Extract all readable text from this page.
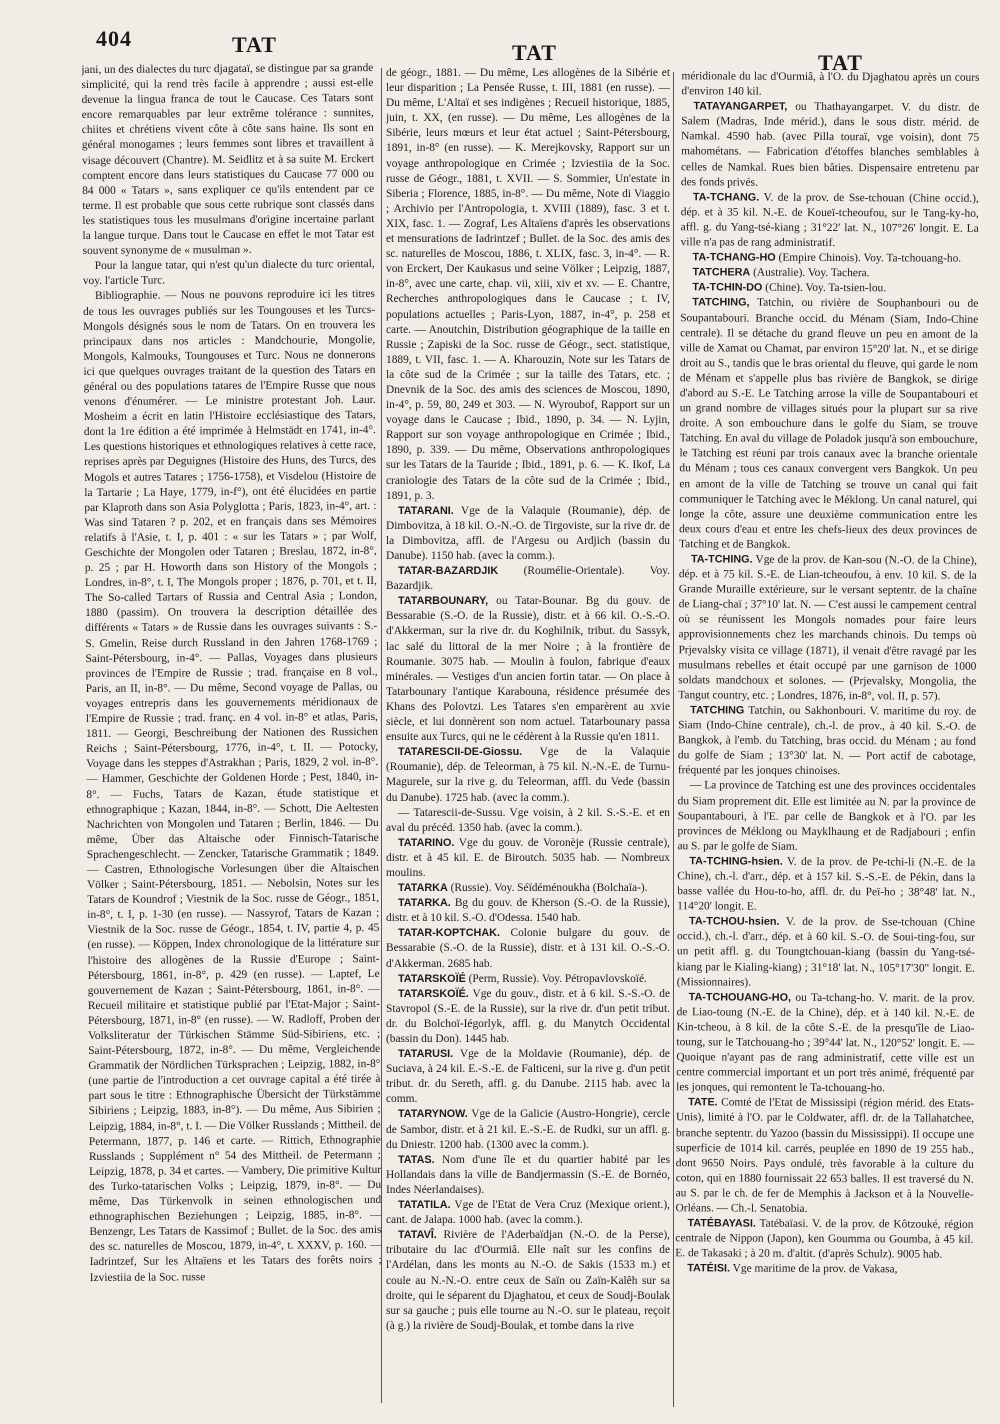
404	TAT	TAT	TAT

jani, un des dialectes du turc djagataï, se distingue par sa grande simplicité, qui la rend très facile à apprendre ; aussi est-elle devenue la lingua franca de tout le Caucase. Ces Tatars sont encore remarquables par leur extrême tolérance : sunnites, chiites et chrétiens vivent côte à côte sans haine. Ils sont en général monogames ; leurs femmes sont libres et travaillent à visage découvert (Chantre). M. Seidlitz et à sa suite M. Erckert comptent encore dans leurs statistiques du Caucase 77 000 ou 84 000 « Tatars », sans expliquer ce qu'ils entendent par ce terme. Il est probable que sous cette rubrique sont classés dans les statistiques tous les musulmans d'origine incertaine parlant la langue turque. Dans tout le Caucase en effet le mot Tatar est souvent synonyme de « musulman ».

Pour la langue tatar, qui n'est qu'un dialecte du turc oriental, voy. l'article Turc.

Bibliographie. — Nous ne pouvons reproduire ici les titres de tous les ouvrages publiés sur les Toungouses et les Turcs-Mongols désignés sous le nom de Tatars. On en trouvera les principaux dans nos articles : Mandchourie, Mongolie, Mongols, Kalmouks, Toungouses et Turc. Nous ne donnerons ici que quelques ouvrages traitant de la question des Tatars en général ou des populations tatares de l'Empire Russe que nous venons d'énumérer. — Le ministre protestant Joh. Laur. Mosheim a écrit en latin l'Histoire ecclésiastique des Tatars, dont la 1re édition a été imprimée à Helmstädt en 1741, in-4°. Les questions historiques et ethnologiques relatives à cette race, reprises après par Deguignes (Histoire des Huns, des Turcs, des Mogols et autres Tatares ; 1756-1758), et Visdelou (Histoire de la Tartarie ; La Haye, 1779, in-f°), ont été élucidées en partie par Klaproth dans son Asia Polyglotta ; Paris, 1823, in-4°, art. : Was sind Tataren ? p. 202, et en français dans ses Mémoires relatifs à l'Asie, t. I, p. 401 : « sur les Tatars » ; par Wolf, Geschichte der Mongolen oder Tataren ; Breslau, 1872, in-8°, p. 25 ; par H. Howorth dans son History of the Mongols ; Londres, in-8°, t. I, The Mongols proper ; 1876, p. 701, et t. II, The So-called Tartars of Russia and Central Asia ; London, 1880 (passim). On trouvera la description détaillée des différents « Tatars » de Russie dans les ouvrages suivants : S.-S. Gmelin, Reise durch Russland in den Jahren 1768-1769 ; Saint-Pétersbourg, in-4°. — Pallas, Voyages dans plusieurs provinces de l'Empire de Russie ; trad. française en 8 vol., Paris, an II, in-8°. — Du même, Second voyage de Pallas, ou voyages entrepris dans les gouvernements méridionaux de l'Empire de Russie ; trad. franç. en 4 vol. in-8° et atlas, Paris, 1811. — Georgi, Beschreibung der Nationen des Russichen Reichs ; Saint-Pétersbourg, 1776, in-4°, t. II. — Potocky, Voyage dans les steppes d'Astrakhan ; Paris, 1829, 2 vol. in-8°. — Hammer, Geschichte der Goldenen Horde ; Pest, 1840, in-8°. — Fuchs, Tatars de Kazan, étude statistique et ethnographique ; Kazan, 1844, in-8°. — Schott, Die Aeltesten Nachrichten von Mongolen und Tataren ; Berlin, 1846. — Du même, Über das Altaische oder Finnisch-Tatarische Sprachengeschlecht. — Zencker, Tatarische Grammatik ; 1849. — Castren, Ethnologische Vorlesungen über die Altaischen Völker ; Saint-Pétersbourg, 1851. — Nebolsin, Notes sur les Tatars de Koundrof ; Viestnik de la Soc. russe de Géogr., 1851, in-8°, t. I, p. 1-30 (en russe). — Nassyrof, Tatars de Kazan ; Viestnik de la Soc. russe de Géogr., 1854, t. IV, partie 4, p. 45 (en russe). — Köppen, Index chronologique de la littérature sur l'histoire des allogènes de la Russie d'Europe ; Saint-Pétersbourg, 1861, in-8°, p. 429 (en russe). — Laptef, Le gouvernement de Kazan ; Saint-Pétersbourg, 1861, in-8°. — Recueil militaire et statistique publié par l'Etat-Major ; Saint-Pétersbourg, 1871, in-8° (en russe). — W. Radloff, Proben der Volksliteratur der Türkischen Stämme Süd-Sibiriens, etc. ; Saint-Pétersbourg, 1872, in-8°. — Du même, Vergleichende Grammatik der Nördlichen Türksprachen ; Leipzig, 1882, in-8° (une partie de l'introduction a cet ouvrage capital a été tirée à part sous le titre : Ethnographische Übersicht der Türkstämme Sibiriens ; Leipzig, 1883, in-8°). — Du même, Aus Sibirien ; Leipzig, 1884, in-8°, t. I. — Die Völker Russlands ; Mittheil. de Petermann, 1877, p. 146 et carte. — Rittich, Ethnographie Russlands ; Supplément n° 54 des Mittheil. de Petermann ; Leipzig, 1878, p. 34 et cartes. — Vambery, Die primitive Kultur des Turko-tatarischen Volks ; Leipzig, 1879, in-8°. — Du même, Das Türkenvolk in seinen ethnologischen und ethnographischen Beziehungen ; Leipzig, 1885, in-8°. — Benzengr, Les Tatars de Kassimof ; Bullet. de la Soc. des amis des sc. naturelles de Moscou, 1879, in-4°, t. XXXV, p. 160. — Iadrintzef, Sur les Altaïens et les Tatars des forêts noirs ; Izviestiia de la Soc. russe

de géogr., 1881. — Du même, Les allogènes de la Sibérie et leur disparition ; La Pensée Russe, t. III, 1881 (en russe). — Du même, L'Altaï et ses indigènes ; Recueil historique, 1885, juin, t. XX, (en russe). — Du même, Les allogènes de la Sibérie, leurs mœurs et leur état actuel ; Saint-Pétersbourg, 1891, in-8° (en russe). — K. Merejkovsky, Rapport sur un voyage anthropologique en Crimée ; Izviestiia de la Soc. russe de Géogr., 1881, t. XVII. — S. Sommier, Un'estate in Siberia ; Florence, 1885, in-8°. — Du même, Note di Viaggio ; Archivio per l'Antropologia, t. XVIII (1889), fasc. 3 et t. XIX, fasc. 1. — Zograf, Les Altaïens d'après les observations et mensurations de Iadrintzef ; Bullet. de la Soc. des amis des sc. naturelles de Moscou, 1886, t. XLIX, fasc. 3, in-4°. — R. von Erckert, Der Kaukasus und seine Völker ; Leipzig, 1887, in-8°, avec une carte, chap. vii, xiii, xiv et xv. — E. Chantre, Recherches anthropologiques dans le Caucase ; t. IV, populations actuelles ; Paris-Lyon, 1887, in-4°, p. 258 et carte. — Anoutchin, Distribution géographique de la taille en Russie ; Zapiski de la Soc. russe de Géogr., sect. statistique, 1889, t. VII, fasc. 1. — A. Kharouzin, Note sur les Tatars de la côte sud de la Crimée ; sur la taille des Tatars, etc. ; Dnevnik de la Soc. des amis des sciences de Moscou, 1890, in-4°, p. 59, 80, 249 et 303. — N. Wyroubof, Rapport sur un voyage dans le Caucase ; Ibid., 1890, p. 34. — N. Lyjin, Rapport sur son voyage anthropologique en Crimée ; Ibid., 1890, p. 339. — Du même, Observations anthropologiques sur les Tatars de la Tauride ; Ibid., 1891, p. 6. — K. Ikof, La craniologie des Tatars de la côte sud de la Crimée ; Ibid., 1891, p. 3.

TATARANI. Vge de la Valaquie (Roumanie), dép. de Dimbovitza, à 18 kil. O.-N.-O. de Tirgoviste, sur la rive dr. de la Dimbovitza, affl. de l'Argesu ou Ardjich (bassin du Danube). 1150 hab. (avec la comm.).

TATAR-BAZARDJIK (Roumélie-Orientale). Voy. Bazardjik.

TATARBOUNARY, ou Tatar-Bounar. Bg du gouv. de Bessarabie (S.-O. de la Russie), distr. et à 66 kil. O.-S.-O. d'Akkerman, sur la rive dr. du Koghilnik, tribut. du Sassyk, lac salé du littoral de la mer Noire ; à la frontière de Roumanie. 3075 hab. — Moulin à foulon, fabrique d'eaux minérales. — Vestiges d'un ancien fortin tatar. — On place à Tatarbounary l'antique Karabouna, résidence présumée des Khans des Polovtzi. Les Tatares s'en emparèrent au xvie siècle, et lui donnèrent son nom actuel. Tatarbounary passa ensuite aux Turcs, qui ne le cédèrent à la Russie qu'en 1811.

TATARESCII-DE-Giossu. Vge de la Valaquie (Roumanie), dép. de Teleorman, à 75 kil. N.-N.-E. de Turnu-Magurele, sur la rive g. du Teleorman, affl. du Vede (bassin du Danube). 1725 hab. (avec la comm.).

— Tatarescii-de-Sussu. Vge voisin, à 2 kil. S.-S.-E. et en aval du précéd. 1350 hab. (avec la comm.).

TATARINO. Vge du gouv. de Voronèje (Russie centrale), distr. et à 45 kil. E. de Biroutch. 5035 hab. — Nombreux moulins.

TATARKA (Russie). Voy. Séïdéménoukha (Bolchaïa-).

TATARKA. Bg du gouv. de Kherson (S.-O. de la Russie), distr. et à 10 kil. S.-O. d'Odessa. 1540 hab.

TATAR-KOPTCHAK. Colonie bulgare du gouv. de Bessarabie (S.-O. de la Russie), distr. et à 131 kil. O.-S.-O. d'Akkerman. 2685 hab.

TATARSKOÏÉ (Perm, Russie). Voy. Pétropavlovskoïé.

TATARSKOÏÉ. Vge du gouv., distr. et à 6 kil. S.-S.-O. de Stavropol (S.-E. de la Russie), sur la rive dr. d'un petit tribut. dr. du Bolchoï-Iégorlyk, affl. g. du Manytch Occidental (bassin du Don). 1445 hab.

TATARUSI. Vge de la Moldavie (Roumanie), dép. de Suciava, à 24 kil. E.-S.-E. de Falticeni, sur la rive g. d'un petit tribut. dr. du Sereth, affl. g. du Danube. 2115 hab. avec la comm.

TATARYNOW. Vge de la Galicie (Austro-Hongrie), cercle de Sambor, distr. et à 21 kil. E.-S.-E. de Rudki, sur un affl. g. du Dniestr. 1200 hab. (1300 avec la comm.).

TATAS. Nom d'une île et du quartier habité par les Hollandais dans la ville de Bandjermassin (S.-E. de Bornéo, Indes Néerlandaises).

TATATILA. Vge de l'Etat de Vera Cruz (Mexique orient.), cant. de Jalapa. 1000 hab. (avec la comm.).

TATAVÎ. Rivière de l'Aderbaïdjan (N.-O. de la Perse), tributaire du lac d'Ourmiâ. Elle naît sur les confins de l'Ardélan, dans les monts au N.-O. de Sakis (1533 m.) et coule au N.-N.-O. entre ceux de Saïn ou Zaïn-Kalêh sur sa droite, qui le séparent du Djaghatou, et ceux de Soudj-Boulak sur sa gauche ; puis elle tourne au N.-O. sur le plateau, reçoit (à g.) la rivière de Soudj-Boulak, et tombe dans la rive

méridionale du lac d'Ourmiâ, à l'O. du Djaghatou après un cours d'environ 140 kil.

TATAYANGARPET, ou Thathayangarpet. V. du distr. de Salem (Madras, Inde mérid.), dans le sous distr. mérid. de Namkal. 4590 hab. (avec Pilla touraï, vge voisin), dont 75 mahométans. — Fabrication d'étoffes blanches semblables à celles de Namkal. Rues bien bâties. Dispensaire entretenu par des fonds privés.

TA-TCHANG. V. de la prov. de Sse-tchouan (Chine occid.), dép. et à 35 kil. N.-E. de Koueï-tcheoufou, sur le Tang-ky-ho, affl. g. du Yang-tsé-kiang ; 31°22' lat. N., 107°26' longit. E. La ville n'a pas de rang administratif.

TA-TCHANG-HO (Empire Chinois). Voy. Ta-tchouang-ho.

TATCHERA (Australie). Voy. Tachera.

TA-TCHIN-DO (Chine). Voy. Ta-tsien-lou.

TATCHING, Tatchin, ou rivière de Souphanbouri ou de Soupantabouri. Branche occid. du Ménam (Siam, Indo-Chine centrale). Il se détache du grand fleuve un peu en amont de la ville de Xamat ou Chamat, par environ 15°20' lat. N., et se dirige droit au S., tandis que le bras oriental du fleuve, qui garde le nom de Ménam et s'appelle plus bas rivière de Bangkok, se dirige d'abord au S.-E. Le Tatching arrose la ville de Soupantabouri et un grand nombre de villages situés pour la plupart sur sa rive droite. A son embouchure dans le golfe du Siam, se trouve Tatching. En aval du village de Poladok jusqu'à son embouchure, le Tatching est réuni par trois canaux avec la branche orientale du Ménam ; tous ces canaux convergent vers Bangkok. Un peu en amont de la ville de Tatching se trouve un canal qui fait communiquer le Tatching avec le Méklong. Un canal naturel, qui longe la côte, assure une deuxième communication entre les deux cours d'eau et entre les chefs-lieux des deux provinces de Tatching et de Bangkok.

TA-TCHING. Vge de la prov. de Kan-sou (N.-O. de la Chine), dép. et à 75 kil. S.-E. de Lian-tcheoufou, à env. 10 kil. S. de la Grande Muraille extérieure, sur le versant septentr. de la chaîne de Liang-chaï ; 37°10' lat. N. — C'est aussi le campement central où se réunissent les Mongols nomades pour faire leurs approvisionnements chez les marchands chinois. Du temps où Prjevalsky visita ce village (1871), il venait d'être ravagé par les musulmans rebelles et était occupé par une garnison de 1000 soldats mandchoux et solones. — (Prjevalsky, Mongolia, the Tangut country, etc. ; Londres, 1876, in-8°, vol. II, p. 57).

TATCHING Tatchin, ou Sakhonbouri. V. maritime du roy. de Siam (Indo-Chine centrale), ch.-l. de prov., à 40 kil. S.-O. de Bangkok, à l'emb. du Tatching, bras occid. du Ménam ; au fond du golfe de Siam ; 13°30' lat. N. — Port actif de cabotage, fréquenté par les jonques chinoises.

— La province de Tatching est une des provinces occidentales du Siam proprement dit. Elle est limitée au N. par la province de Soupantabouri, à l'E. par celle de Bangkok et à l'O. par les provinces de Méklong ou Mayklhaung et de Radjabouri ; enfin au S. par le golfe de Siam.

TA-TCHING-hsien. V. de la prov. de Pe-tchi-li (N.-E. de la Chine), ch.-l. d'arr., dép. et à 157 kil. S.-S.-E. de Pékin, dans la basse vallée du Hou-to-ho, affl. dr. du Peï-ho ; 38°48' lat. N., 114°20' longit. E.

TA-TCHOU-hsien. V. de la prov. de Sse-tchouan (Chine occid.), ch.-l. d'arr., dép. et à 60 kil. S.-O. de Soui-ting-fou, sur un petit affl. g. du Toungtchouan-kiang (bassin du Yang-tsé-kiang par le Kialing-kiang) ; 31°18' lat. N., 105°17'30" longit. E. (Missionnaires).

TA-TCHOUANG-HO, ou Ta-tchang-ho. V. marit. de la prov. de Liao-toung (N.-E. de la Chine), dép. et à 140 kil. N.-E. de Kin-tcheou, à 8 kil. de la côte S.-E. de la presqu'île de Liao-toung, sur le Tatchouang-ho ; 39°44' lat. N., 120°52' longit. E. — Quoique n'ayant pas de rang administratif, cette ville est un centre commercial important et un port très animé, fréquenté par les jonques, qui remontent le Ta-tchouang-ho.

TATE. Comté de l'Etat de Mississipi (région mérid. des Etats-Unis), limité à l'O. par le Coldwater, affl. dr. de la Tallahatchee, branche septentr. du Yazoo (bassin du Mississippi). Il occupe une superficie de 1014 kil. carrés, peuplée en 1890 de 19 255 hab., dont 9650 Noirs. Pays ondulé, très favorable à la culture du coton, qui en 1880 fournissait 22 653 balles. Il est traversé du N. au S. par le ch. de fer de Memphis à Jackson et à la Nouvelle-Orléans. — Ch.-l. Senatobia.

TATÉBAYASI. Tatébaïasi. V. de la prov. de Kôtzouké, région centrale de Nippon (Japon), ken Goumma ou Goumba, à 45 kil. E. de Takasaki ; à 20 m. d'altit. (d'après Schulz). 9005 hab.

TATÉISI. Vge maritime de la prov. de Vakasa,
